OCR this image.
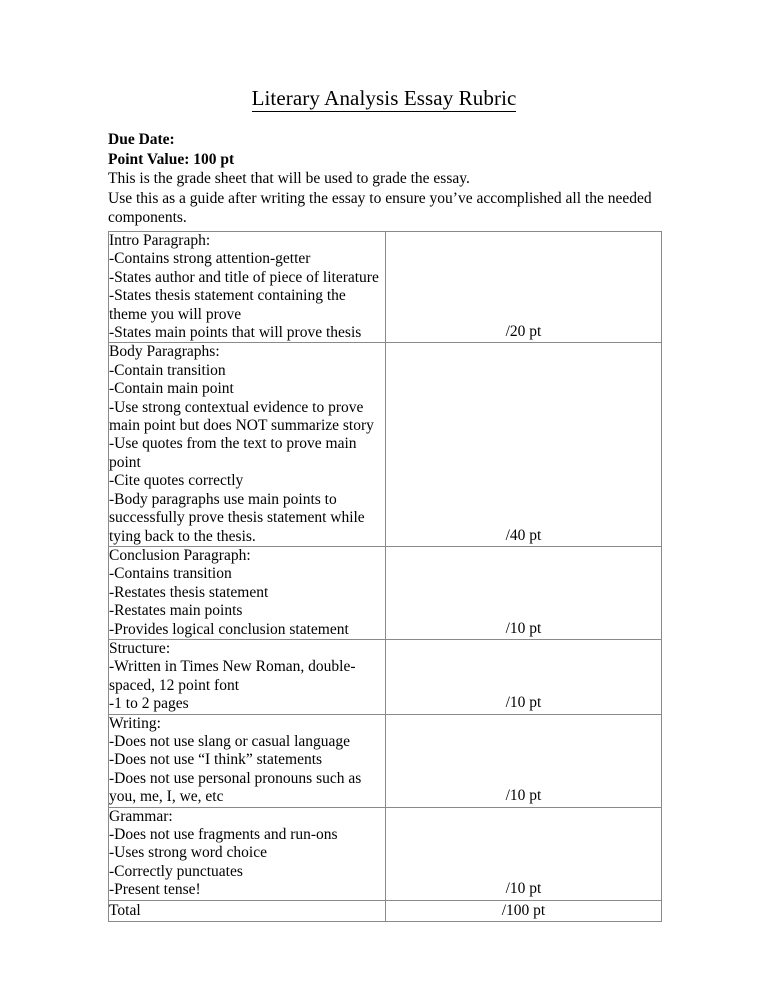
Literary Analysis Essay Rubric
Due Date:
Point Value: 100 pt
This is the grade sheet that will be used to grade the essay.
Use this as a guide after writing the essay to ensure you’ve accomplished all the needed
components.
Intro Paragraph:
-Contains strong attention-getter
-States author and title of piece of literature
-States thesis statement containing the
theme you will prove
-States main points that will prove thesis	/20 pt

Body Paragraphs:
-Contain transition
-Contain main point
-Use strong contextual evidence to prove
main point but does NOT summarize story
-Use quotes from the text to prove main
point
-Cite quotes correctly
-Body paragraphs use main points to
successfully prove thesis statement while
tying back to the thesis.	/40 pt

Conclusion Paragraph:
-Contains transition
-Restates thesis statement
-Restates main points
-Provides logical conclusion statement	/10 pt

Structure:
-Written in Times New Roman, double-
spaced, 12 point font
-1 to 2 pages	/10 pt

Writing:
-Does not use slang or casual language
-Does not use “I think” statements
-Does not use personal pronouns such as
you, me, I, we, etc	/10 pt

Grammar:
-Does not use fragments and run-ons
-Uses strong word choice
-Correctly punctuates
-Present tense!	/10 pt

Total	/100 pt
